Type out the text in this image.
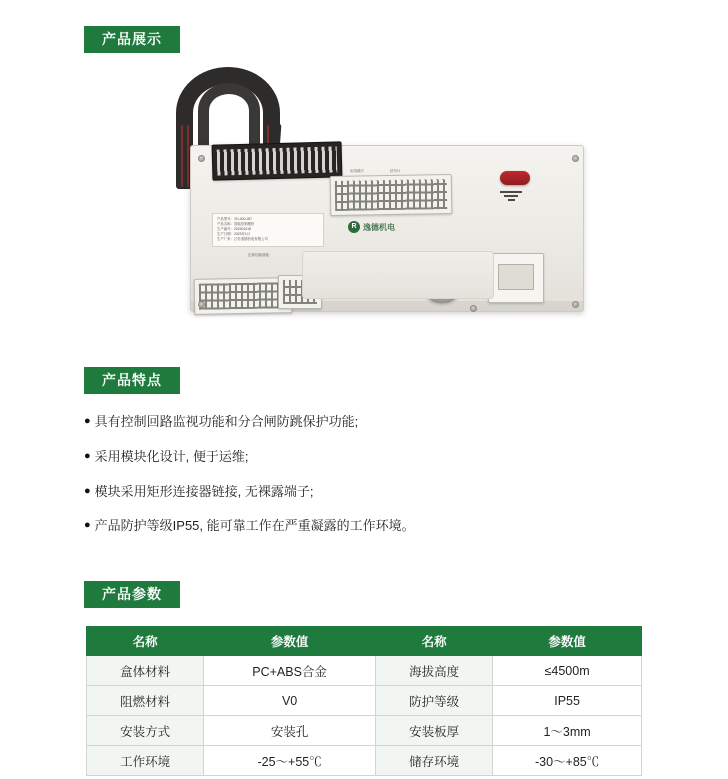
产品展示
产品型号：YD-400-J87
产品名称：智能控制模块
生产编号：202301018
生产日期：2023年1月
生产厂家：江苏逸德机电有限公司
R 逸德机电
出线端子	信号口
正面功能面板
产品特点
● 具有控制回路监视功能和分合闸防跳保护功能;
● 采用模块化设计, 便于运维;
● 模块采用矩形连接器链接, 无裸露端子;
● 产品防护等级IP55, 能可靠工作在严重凝露的工作环境。
产品参数
名称	参数值	名称	参数值
盒体材料	PC+ABS合金	海拔高度	≤4500m
阻燃材料	V0	防护等级	IP55
安装方式	安装孔	安装板厚	1～3mm
工作环境	-25～+55℃	储存环境	-30～+85℃
